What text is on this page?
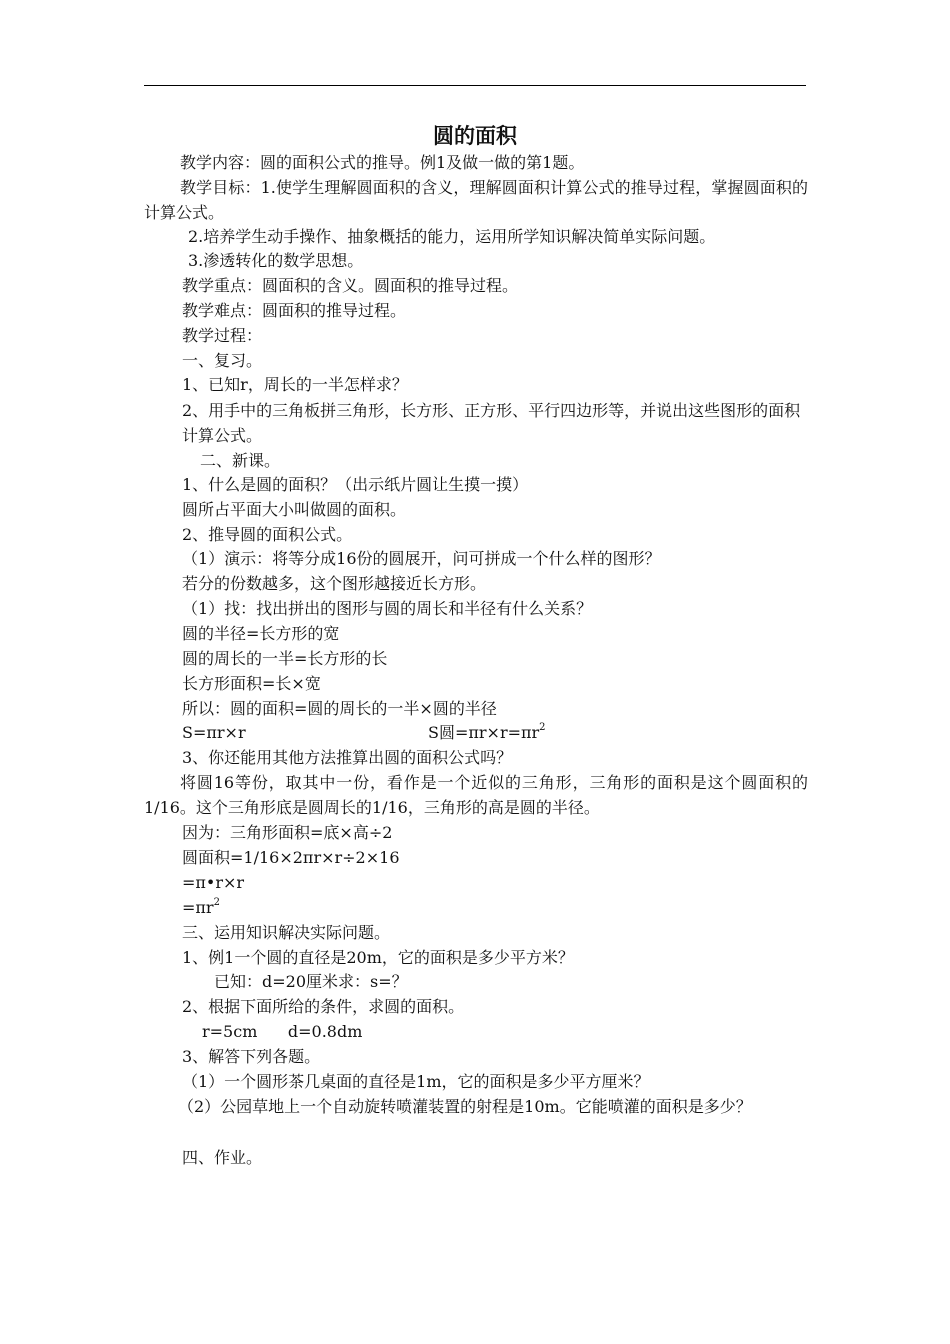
圆的面积
教学内容：圆的面积公式的推导。例1及做一做的第1题。

教学目标：1.使学生理解圆面积的含义，理解圆面积计算公式的推导过程，掌握圆面积的计算公式。

2.培养学生动手操作、抽象概括的能力，运用所学知识解决简单实际问题。
3.渗透转化的数学思想。
教学重点：圆面积的含义。圆面积的推导过程。
教学难点：圆面积的推导过程。
教学过程：
一、复习。
1、已知r，周长的一半怎样求？

2、用手中的三角板拼三角形，长方形、正方形、平行四边形等，并说出这些图形的面积计算公式。

二、新课。
1、什么是圆的面积？（出示纸片圆让生摸一摸）
圆所占平面大小叫做圆的面积。
2、推导圆的面积公式。
（1）演示：将等分成16份的圆展开，问可拼成一个什么样的图形？
若分的份数越多，这个图形越接近长方形。
（1）找：找出拼出的图形与圆的周长和半径有什么关系？
圆的半径=长方形的宽
圆的周长的一半=长方形的长
长方形面积=长×宽
所以：圆的面积=圆的周长的一半×圆的半径
S=πr×r	S圆$=\pi r\times r=\pi r^2$
3、你还能用其他方法推算出圆的面积公式吗？

将圆16等份，取其中一份，看作是一个近似的三角形，三角形的面积是这个圆面积的1/16。这个三角形底是圆周长的1/16，三角形的高是圆的半径。

因为：三角形面积=底×高÷2
圆面积=1/16×2πr×r÷2×16
=π•r×r
$=\pi r^2$
三、运用知识解决实际问题。
1、例1一个圆的直径是20m，它的面积是多少平方米？
已知：d=20厘米求：s=？
2、根据下面所给的条件，求圆的面积。
r=5cm      d=0.8dm
3、解答下列各题。
（1）一个圆形茶几桌面的直径是1m，它的面积是多少平方厘米？

（2）公园草地上一个自动旋转喷灌装置的射程是10m。它能喷灌的面积是多少？

四、作业。
